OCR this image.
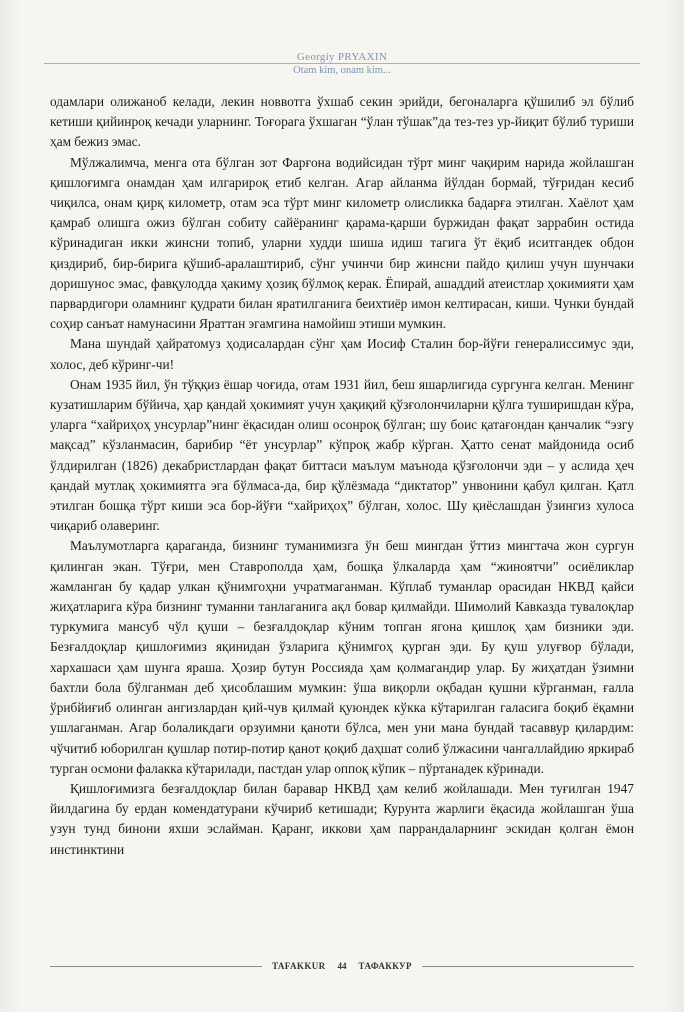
Georgiy PRYAXIN
Otam kim, onam kim...

одамлари олижаноб келади, лекин новвотга ўхшаб секин эрийди, бегоналарга қўшилиб эл бўлиб кетиши қийинроқ кечади уларнинг. Тоғорага ўхшаган “ўлан тўшак”да тез-тез ур-йиқит бўлиб туриши ҳам бежиз эмас.

Мўлжалимча, менга ота бўлган зот Фарғона водийсидан тўрт минг чақирим нарида жойлашган қишлоғимга онамдан ҳам илгарироқ етиб келган. Агар айланма йўлдан бормай, тўғридан кесиб чиқилса, онам қирқ километр, отам эса тўрт минг километр олисликка бадарға этилган. Хаёлот ҳам қамраб олишга ожиз бўлган собиту сайёранинг қарама-қарши буржидан фақат заррабин остида кўринадиган икки жинсни топиб, уларни худди шиша идиш тагига ўт ёқиб иситгандек обдон қиздириб, бир-бирига қўшиб-аралаштириб, сўнг учинчи бир жинсни пайдо қилиш учун шунчаки доришунос эмас, фавқулодда ҳакиму ҳозиқ бўлмоқ керак. Ёпирай, ашаддий атеистлар ҳокимияти ҳам парвардигори оламнинг қудрати билан яратилганига беихтиёр имон келтирасан, киши. Чунки бундай соҳир санъат намунасини Яраттан эгамгина намойиш этиши мумкин.

Мана шундай ҳайратомуз ҳодисалардан сўнг ҳам Иосиф Сталин бор-йўғи генералиссимус эди, холос, деб кўринг-чи!

Онам 1935 йил, ўн тўққиз ёшар чоғида, отам 1931 йил, беш яшарлигида сургунга келган. Менинг кузатишларим бўйича, ҳар қандай ҳокимият учун ҳақиқий қўзғолончиларни қўлга туширишдан кўра, уларга “хайриҳоҳ унсурлар”нинг ёқасидан олиш осонроқ бўлган; шу боис қатағондан қанчалик “эзгу мақсад” кўзланмасин, барибир “ёт унсурлар” кўпроқ жабр кўрган. Ҳатто сенат майдонида осиб ўлдирилган (1826) декабристлардан фақат биттаси маълум маънода қўзғолончи эди – у аслида ҳеч қандай мутлақ ҳокимиятга эга бўлмаса-да, бир қўлёзмада “диктатор” унвонини қабул қилган. Қатл этилган бошқа тўрт киши эса бор-йўғи “хайриҳоҳ” бўлган, холос. Шу қиёслашдан ўзингиз хулоса чиқариб олаверинг.

Маълумотларга қараганда, бизнинг туманимизга ўн беш мингдан ўттиз мингтача жон сургун қилинган экан. Тўғри, мен Ставрополда ҳам, бошқа ўлкаларда ҳам “жиноятчи” осиёликлар жамланган бу қадар улкан қўнимгоҳни учратмаганман. Кўплаб туманлар орасидан НКВД қайси жиҳатларига кўра бизнинг туманни танлаганига ақл бовар қилмайди. Шимолий Кавказда тувалоқлар туркумига мансуб чўл қуши – безғалдоқлар кўним топган ягона қишлоқ ҳам бизники эди. Безғалдоқлар қишлоғимиз яқинидан ўзларига қўнимгоҳ қурган эди. Бу қуш улуғвор бўлади, хархашаси ҳам шунга яраша. Ҳозир бутун Россияда ҳам қолмагандир улар. Бу жиҳатдан ўзимни бахтли бола бўлганман деб ҳисоблашим мумкин: ўша виқорли оқбадан қушни кўрганман, ғалла ўрибйиғиб олинган ангизлардан қий-чув қилмай қуюндек кўкка кўтарилган галасига боқиб ёқамни ушлаганман. Агар болаликдаги орзуимни қаноти бўлса, мен уни мана бундай тасаввур қилардим: чўчитиб юборилган қушлар потир-потир қанот қоқиб даҳшат солиб ўлжасини чангаллайдию яркираб турган осмони фалакка кўтарилади, пастдан улар оппоқ кўпик – пўртанадек кўринади.

Қишлоғимизга безғалдоқлар билан баравар НКВД ҳам келиб жойлашади. Мен туғилган 1947 йилдагина бу ердан комендатурани кўчириб кетишади; Курунта жарлиги ёқасида жойлашган ўша узун тунд бинони яхши эслайман. Қаранг, иккови ҳам паррандаларнинг эскидан қолган ёмон инстинктини

TAFAKKUR	44	ТАФАККУР
